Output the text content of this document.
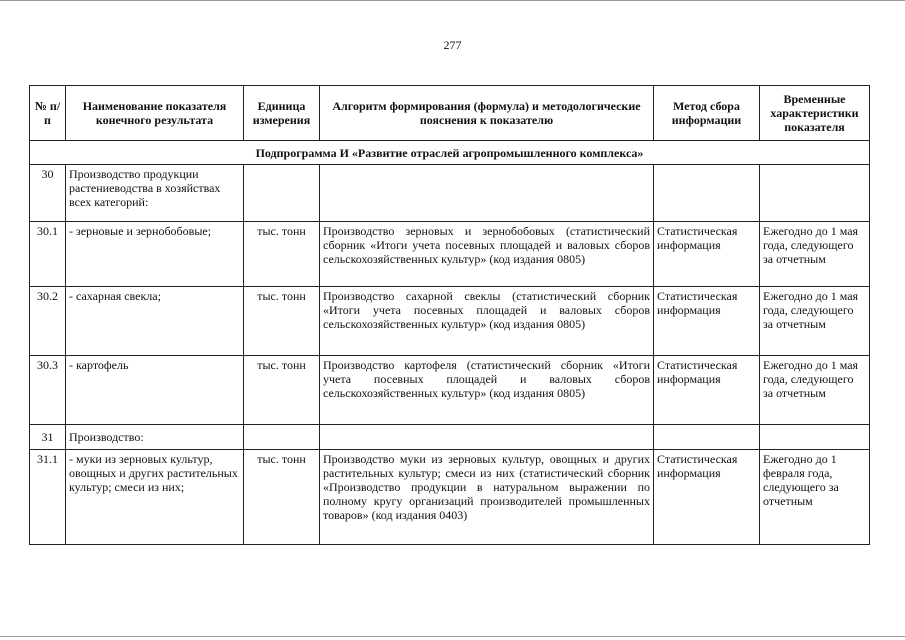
277
№ п/п	Наименование показателя конечного результата	Единица измерения	Алгоритм формирования (формула) и методологические пояснения к показателю	Метод сбора информации	Временные характеристики показателя
Подпрограмма И «Развитие отраслей агропромышленного комплекса»					
30	Производство продукции растениеводства в хозяйствах всех категорий:				
30.1	- зерновые и зернобобовые;	тыс. тонн	Производство зерновых и зернобобовых (статистический сборник «Итоги учета посевных площадей и валовых сборов сельскохозяйственных культур» (код издания 0805)	Статистическая информация	Ежегодно до 1 мая года, следующего за отчетным
30.2	- сахарная свекла;	тыс. тонн	Производство сахарной свеклы (статистический сборник «Итоги учета посевных площадей и валовых сборов сельскохозяйственных культур» (код издания 0805)	Статистическая информация	Ежегодно до 1 мая года, следующего за отчетным
30.3	- картофель	тыс. тонн	Производство картофеля (статистический сборник «Итоги учета посевных площадей и валовых сборов сельскохозяйственных культур» (код издания 0805)	Статистическая информация	Ежегодно до 1 мая года, следующего за отчетным
31	Производство:				
31.1	- муки из зерновых культур, овощных и других растительных культур; смеси из них;	тыс. тонн	Производство муки из зерновых культур, овощных и других растительных культур; смеси из них (статистический сборник «Производство продукции в натуральном выражении по полному кругу организаций производителей промышленных товаров» (код издания 0403)	Статистическая информация	Ежегодно до 1 февраля года, следующего за отчетным
